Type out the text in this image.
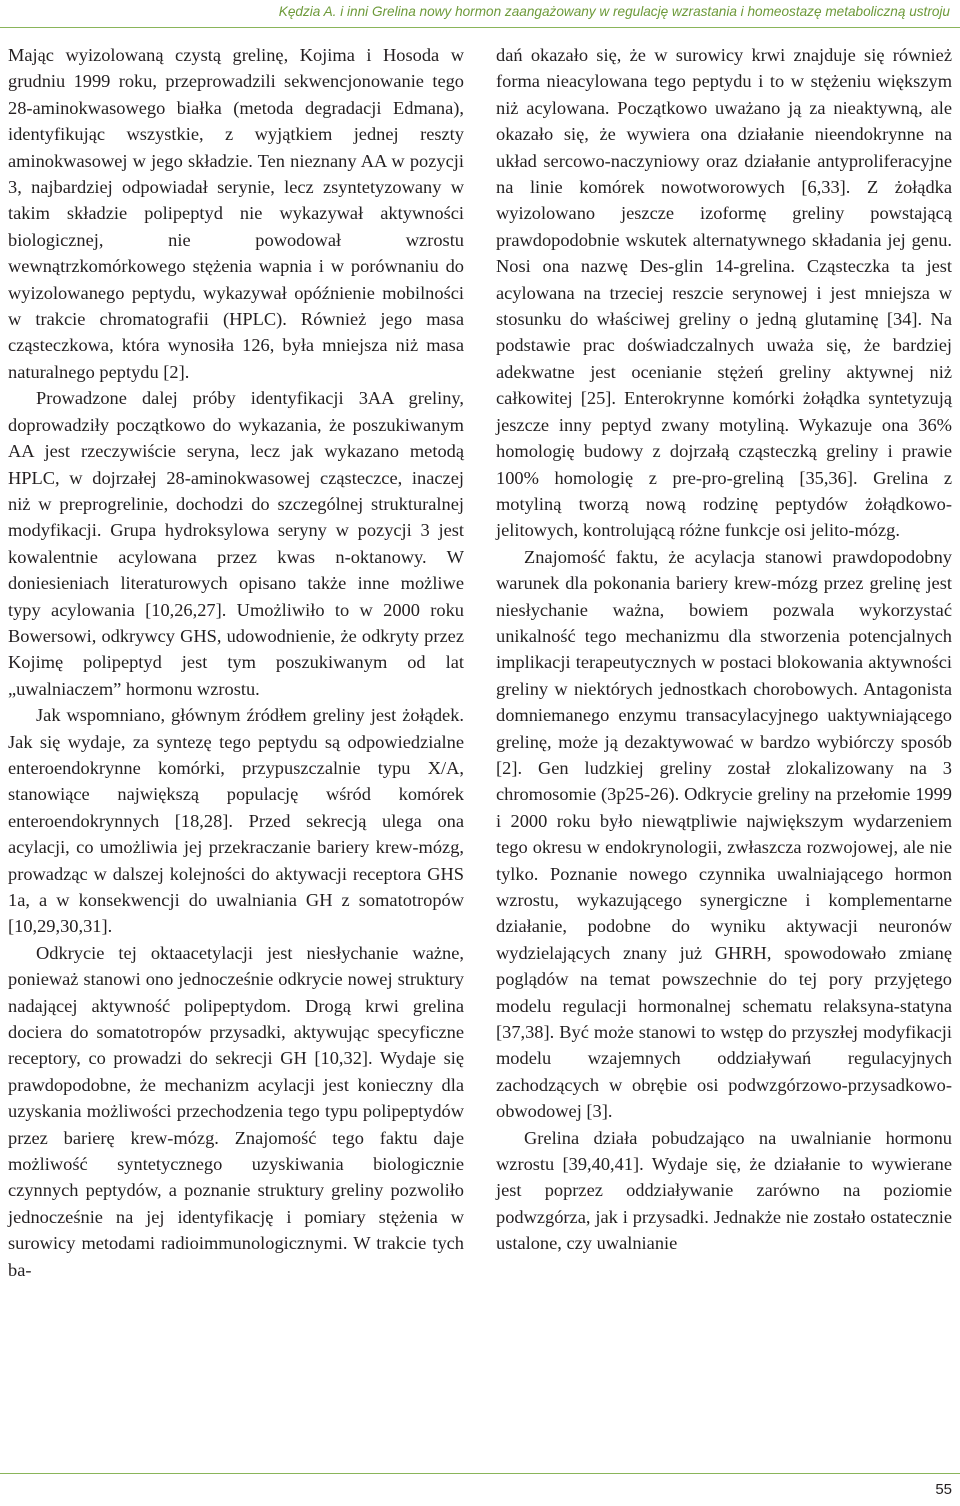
Kędzia A. i inni Grelina nowy hormon zaangażowany w regulację wzrastania i homeostazę metaboliczną ustroju

Mając wyizolowaną czystą grelinę, Kojima i Hosoda w grudniu 1999 roku, przeprowadzili sekwencjonowanie tego 28-aminokwasowego białka (metoda degradacji Edmana), identyfikując wszystkie, z wyjątkiem jednej reszty aminokwasowej w jego składzie. Ten nieznany AA w pozycji 3, najbardziej odpowiadał serynie, lecz zsyntetyzowany w takim składzie polipeptyd nie wykazywał aktywności biologicznej, nie powodował wzrostu wewnątrzkomórkowego stężenia wapnia i w porównaniu do wyizolowanego peptydu, wykazywał opóźnienie mobilności w trakcie chromatografii (HPLC). Również jego masa cząsteczkowa, która wynosiła 126, była mniejsza niż masa naturalnego peptydu [2].

Prowadzone dalej próby identyfikacji 3AA greliny, doprowadziły początkowo do wykazania, że poszukiwanym AA jest rzeczywiście seryna, lecz jak wykazano metodą HPLC, w dojrzałej 28-aminokwasowej cząsteczce, inaczej niż w preprogrelinie, dochodzi do szczególnej strukturalnej modyfikacji. Grupa hydroksylowa seryny w pozycji 3 jest kowalentnie acylowana przez kwas n-oktanowy. W doniesieniach literaturowych opisano także inne możliwe typy acylowania [10,26,27]. Umożliwiło to w 2000 roku Bowersowi, odkrywcy GHS, udowodnienie, że odkryty przez Kojimę polipeptyd jest tym poszukiwanym od lat „uwalniaczem” hormonu wzrostu.

Jak wspomniano, głównym źródłem greliny jest żołądek. Jak się wydaje, za syntezę tego peptydu są odpowiedzialne enteroendokrynne komórki, przypuszczalnie typu X/A, stanowiące największą populację wśród komórek enteroendokrynnych [18,28]. Przed sekrecją ulega ona acylacji, co umożliwia jej przekraczanie bariery krew-mózg, prowadząc w dalszej kolejności do aktywacji receptora GHS 1a, a w konsekwencji do uwalniania GH z somatotropów [10,29,30,31].

Odkrycie tej oktaacetylacji jest niesłychanie ważne, ponieważ stanowi ono jednocześnie odkrycie nowej struktury nadającej aktywność polipeptydom. Drogą krwi grelina dociera do somatotropów przysadki, aktywując specyficzne receptory, co prowadzi do sekrecji GH [10,32]. Wydaje się prawdopodobne, że mechanizm acylacji jest konieczny dla uzyskania możliwości przechodzenia tego typu polipeptydów przez barierę krew-mózg. Znajomość tego faktu daje możliwość syntetycznego uzyskiwania biologicznie czynnych peptydów, a poznanie struktury greliny pozwoliło jednocześnie na jej identyfikację i pomiary stężenia w surowicy metodami radioimmunologicznymi. W trakcie tych ba-

dań okazało się, że w surowicy krwi znajduje się również forma nieacylowana tego peptydu i to w stężeniu większym niż acylowana. Początkowo uważano ją za nieaktywną, ale okazało się, że wywiera ona działanie nieendokrynne na układ sercowo-naczyniowy oraz działanie antyproliferacyjne na linie komórek nowotworowych [6,33]. Z żołądka wyizolowano jeszcze izoformę greliny powstającą prawdopodobnie wskutek alternatywnego składania jej genu. Nosi ona nazwę Des-glin 14-grelina. Cząsteczka ta jest acylowana na trzeciej reszcie serynowej i jest mniejsza w stosunku do właściwej greliny o jedną glutaminę [34]. Na podstawie prac doświadczalnych uważa się, że bardziej adekwatne jest ocenianie stężeń greliny aktywnej niż całkowitej [25]. Enterokrynne komórki żołądka syntetyzują jeszcze inny peptyd zwany motyliną. Wykazuje ona 36% homologię budowy z dojrzałą cząsteczką greliny i prawie 100% homologię z pre-pro-greliną [35,36]. Grelina z motyliną tworzą nową rodzinę peptydów żołądkowo-jelitowych, kontrolującą różne funkcje osi jelito-mózg.

Znajomość faktu, że acylacja stanowi prawdopodobny warunek dla pokonania bariery krew-mózg przez grelinę jest niesłychanie ważna, bowiem pozwala wykorzystać unikalność tego mechanizmu dla stworzenia potencjalnych implikacji terapeutycznych w postaci blokowania aktywności greliny w niektórych jednostkach chorobowych. Antagonista domniemanego enzymu transacylacyjnego uaktywniającego grelinę, może ją dezaktywować w bardzo wybiórczy sposób [2]. Gen ludzkiej greliny został zlokalizowany na 3 chromosomie (3p25-26). Odkrycie greliny na przełomie 1999 i 2000 roku było niewątpliwie największym wydarzeniem tego okresu w endokrynologii, zwłaszcza rozwojowej, ale nie tylko. Poznanie nowego czynnika uwalniającego hormon wzrostu, wykazującego synergiczne i komplementarne działanie, podobne do wyniku aktywacji neuronów wydzielających znany już GHRH, spowodowało zmianę poglądów na temat powszechnie do tej pory przyjętego modelu regulacji hormonalnej schematu relaksyna-statyna [37,38]. Być może stanowi to wstęp do przyszłej modyfikacji modelu wzajemnych oddziaływań regulacyjnych zachodzących w obrębie osi podwzgórzowo-przysadkowo-obwodowej [3].

Grelina działa pobudzająco na uwalnianie hormonu wzrostu [39,40,41]. Wydaje się, że działanie to wywierane jest poprzez oddziaływanie zarówno na poziomie podwzgórza, jak i przysadki. Jednakże nie zostało ostatecznie ustalone, czy uwalnianie

55
